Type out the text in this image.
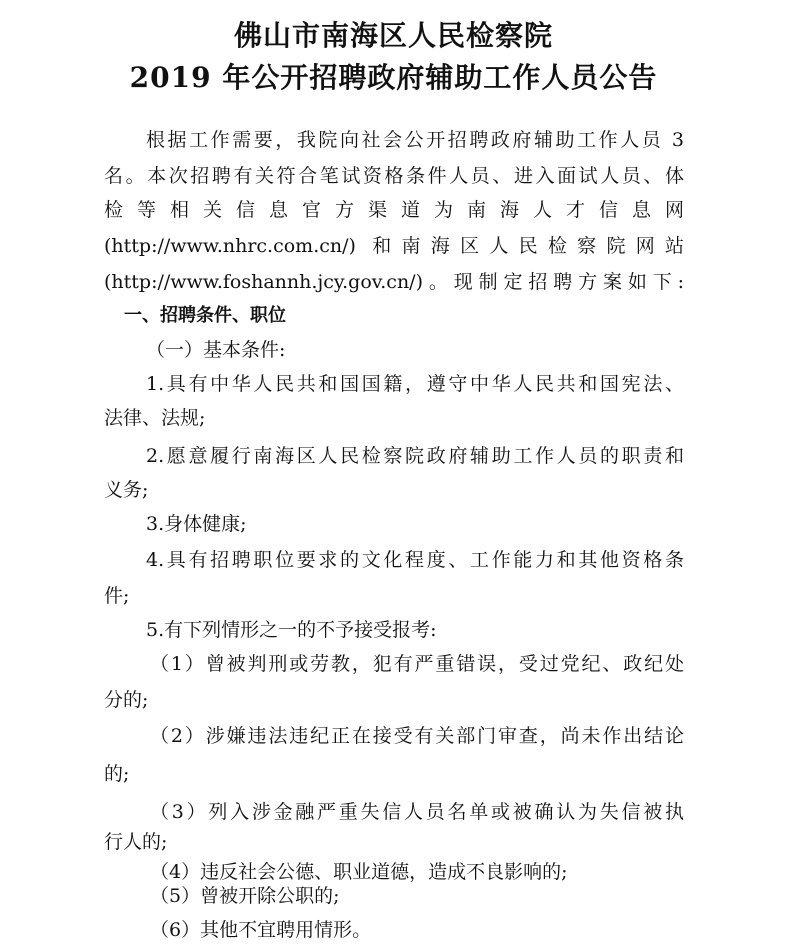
佛山市南海区人民检察院
2019 年公开招聘政府辅助工作人员公告
根据工作需要，我院向社会公开招聘政府辅助工作人员 3
名。本次招聘有关符合笔试资格条件人员、进入面试人员、体
检等相关信息官方渠道为南海人才信息网
(http://www.nhrc.com.cn/) 和南海区人民检察院网站
(http://www.foshannh.jcy.gov.cn/)。现制定招聘方案如下:
一、招聘条件、职位
（一）基本条件:
1.具有中华人民共和国国籍，遵守中华人民共和国宪法、
法律、法规;
2.愿意履行南海区人民检察院政府辅助工作人员的职责和
义务;
3.身体健康;
4.具有招聘职位要求的文化程度、工作能力和其他资格条
件;
5.有下列情形之一的不予接受报考:
（1）曾被判刑或劳教，犯有严重错误，受过党纪、政纪处
分的;
（2）涉嫌违法违纪正在接受有关部门审查，尚未作出结论
的;
（3）列入涉金融严重失信人员名单或被确认为失信被执
行人的;
（4）违反社会公德、职业道德，造成不良影响的;
（5）曾被开除公职的;
（6）其他不宜聘用情形。
